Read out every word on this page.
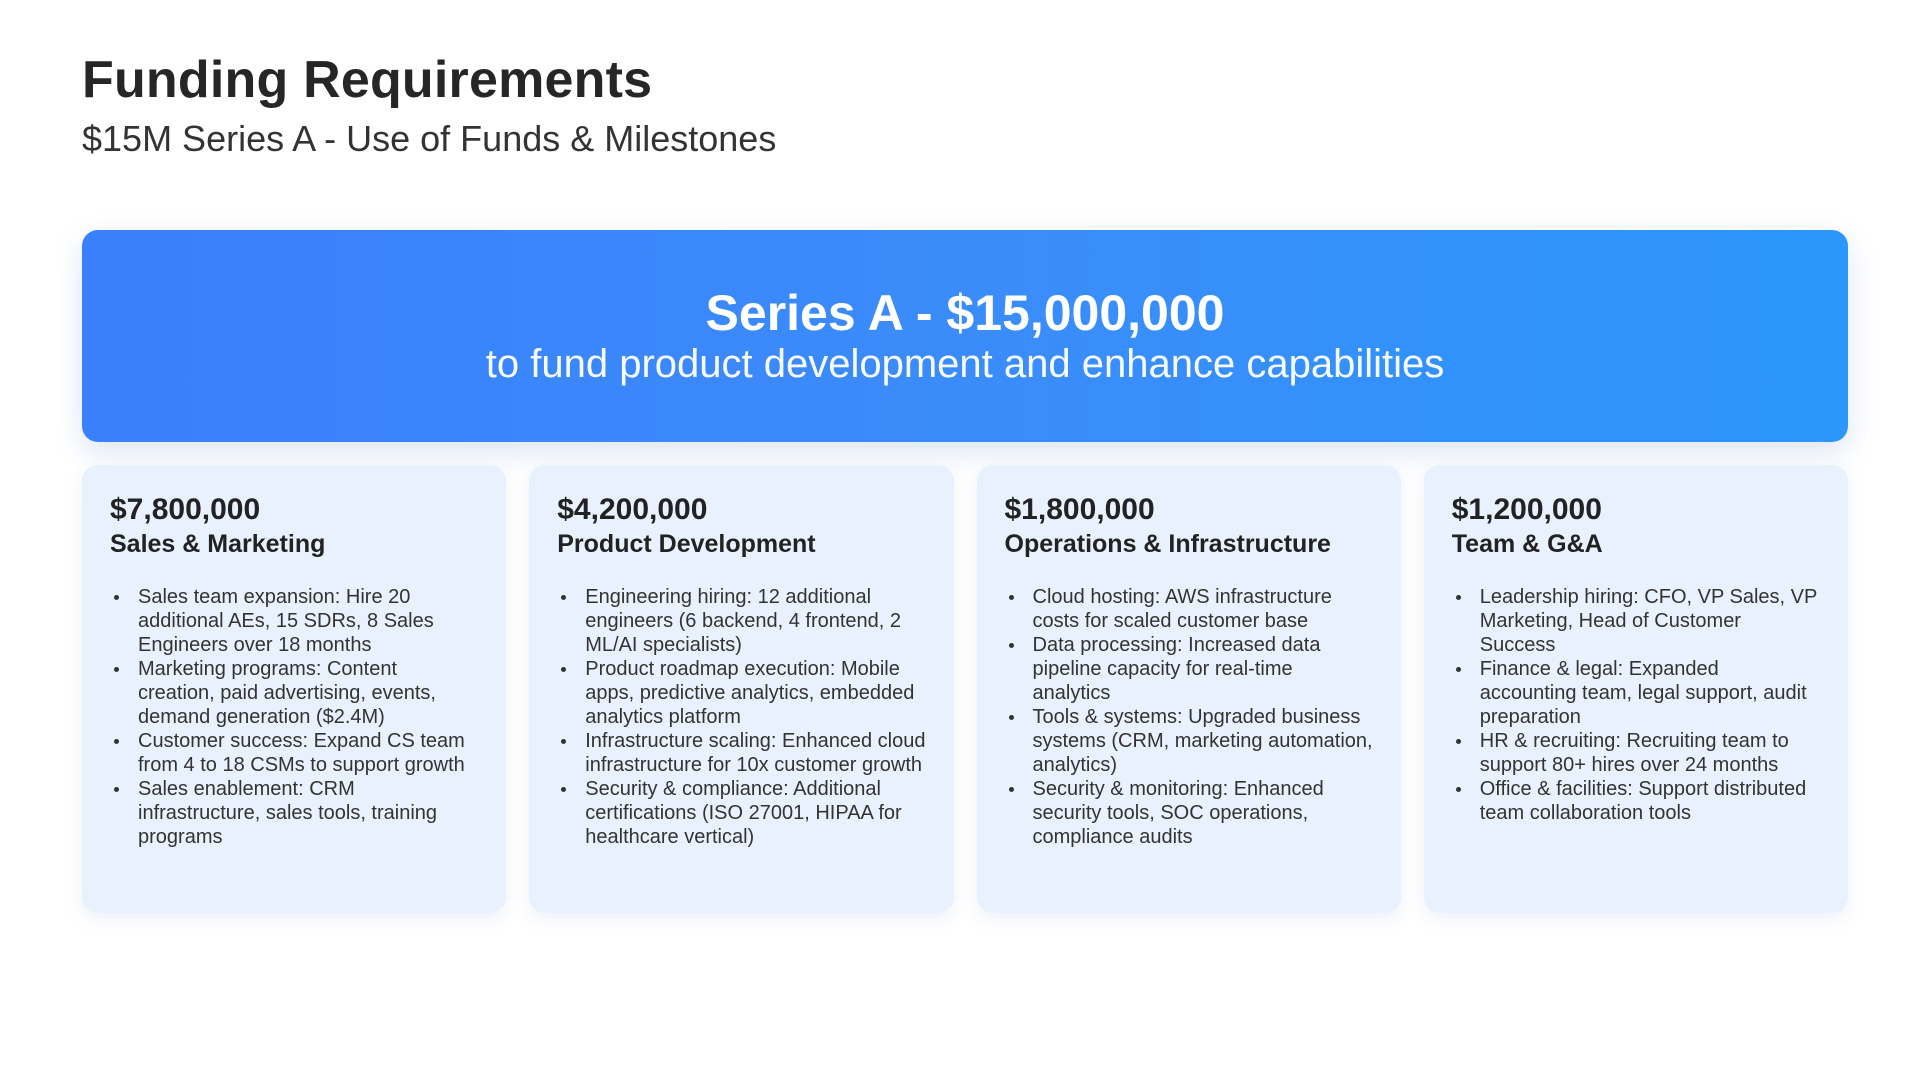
Funding Requirements
$15M Series A - Use of Funds & Milestones
Series A - $15,000,000
to fund product development and enhance capabilities
$7,800,000
Sales & Marketing
Sales team expansion: Hire 20 additional AEs, 15 SDRs, 8 Sales Engineers over 18 months
Marketing programs: Content creation, paid advertising, events, demand generation ($2.4M)
Customer success: Expand CS team from 4 to 18 CSMs to support growth
Sales enablement: CRM infrastructure, sales tools, training programs
$4,200,000
Product Development
Engineering hiring: 12 additional engineers (6 backend, 4 frontend, 2 ML/AI specialists)
Product roadmap execution: Mobile apps, predictive analytics, embedded analytics platform
Infrastructure scaling: Enhanced cloud infrastructure for 10x customer growth
Security & compliance: Additional certifications (ISO 27001, HIPAA for healthcare vertical)
$1,800,000
Operations & Infrastructure
Cloud hosting: AWS infrastructure costs for scaled customer base
Data processing: Increased data pipeline capacity for real-time analytics
Tools & systems: Upgraded business systems (CRM, marketing automation, analytics)
Security & monitoring: Enhanced security tools, SOC operations, compliance audits
$1,200,000
Team & G&A
Leadership hiring: CFO, VP Sales, VP Marketing, Head of Customer Success
Finance & legal: Expanded accounting team, legal support, audit preparation
HR & recruiting: Recruiting team to support 80+ hires over 24 months
Office & facilities: Support distributed team collaboration tools
